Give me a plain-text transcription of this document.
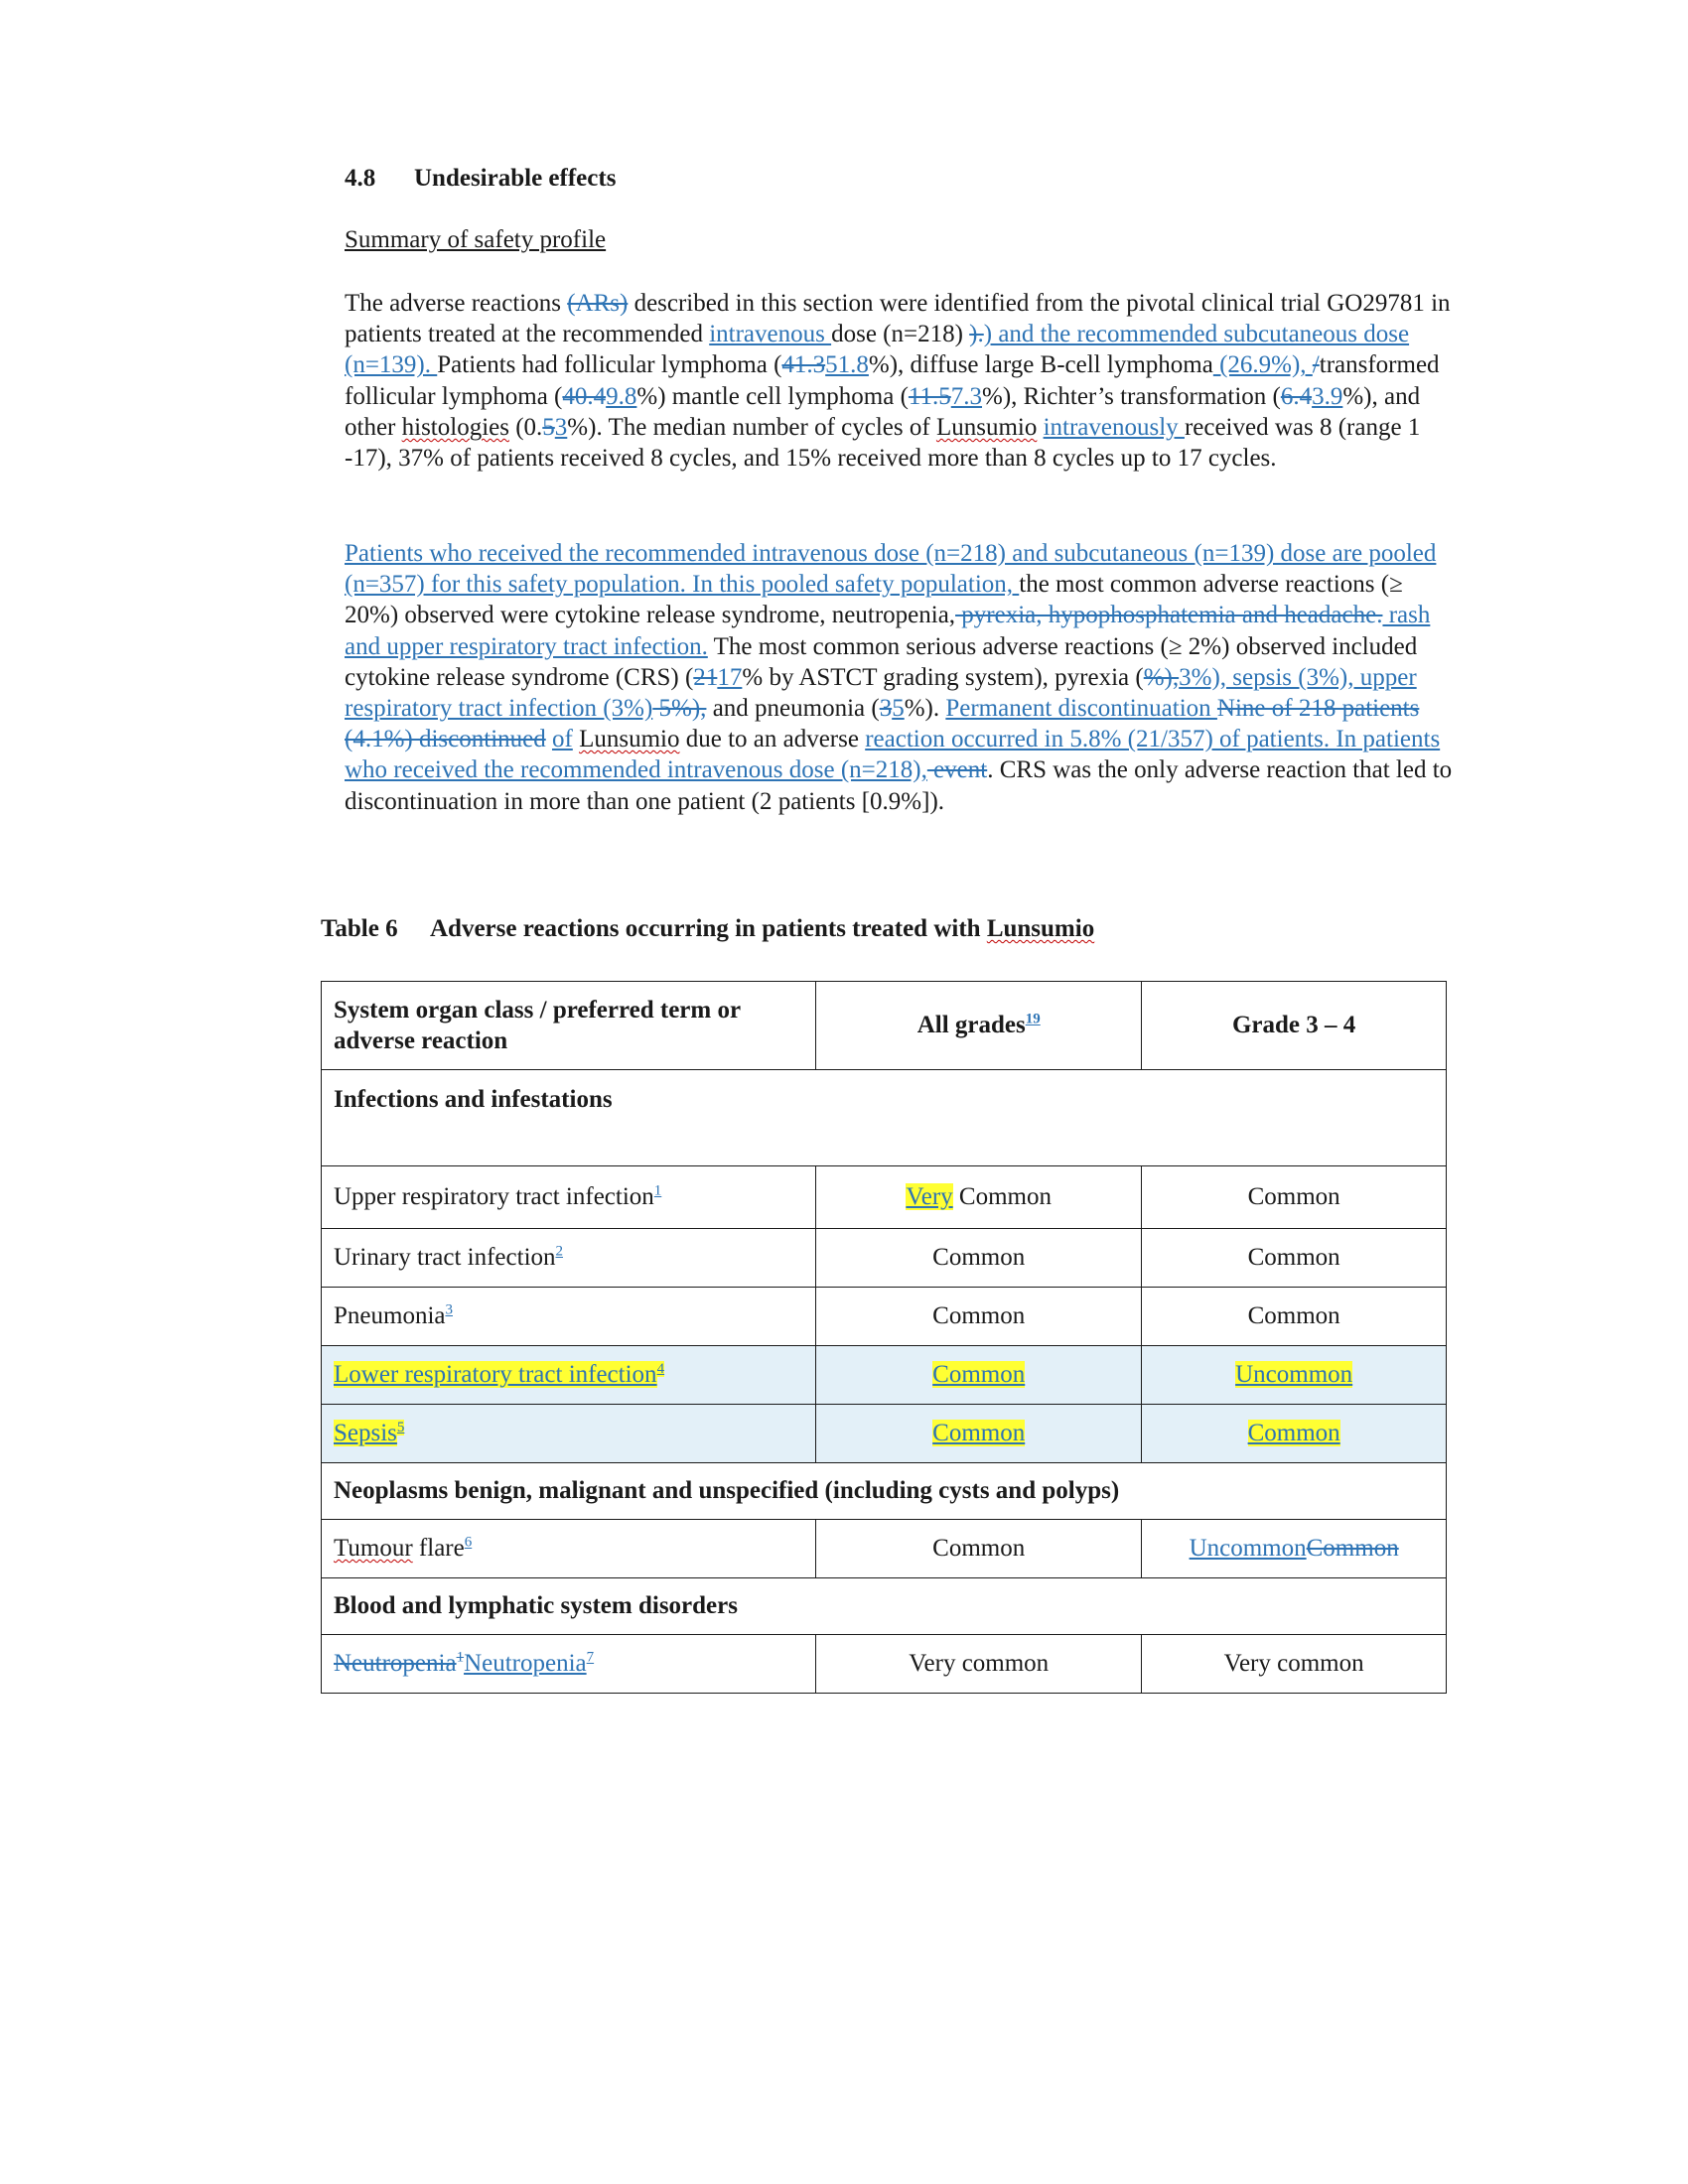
4.8 Undesirable effects
Summary of safety profile

The adverse reactions (ARs) described in this section were identified from the pivotal clinical trial GO29781 in patients treated at the recommended intravenous dose (n=218) ).) and the recommended subcutaneous dose (n=139). Patients had follicular lymphoma (41.351.8%), diffuse large B-cell lymphoma (26.9%), /transformed follicular lymphoma (40.49.8%) mantle cell lymphoma (11.57.3%), Richter’s transformation (6.43.9%), and other histologies (0.53%). The median number of cycles of Lunsumio intravenously received was 8 (range 1 -17), 37% of patients received 8 cycles, and 15% received more than 8 cycles up to 17 cycles.

Patients who received the recommended intravenous dose (n=218) and subcutaneous (n=139) dose are pooled (n=357) for this safety population. In this pooled safety population, the most common adverse reactions (≥ 20%) observed were cytokine release syndrome, neutropenia, pyrexia, hypophosphatemia and headache. rash and upper respiratory tract infection. The most common serious adverse reactions (≥ 2%) observed included cytokine release syndrome (CRS) (2117% by ASTCT grading system), pyrexia (%),3%), sepsis (3%), upper respiratory tract infection (3%) 5%), and pneumonia (35%). Permanent discontinuation Nine of 218 patients (4.1%) discontinued of Lunsumio due to an adverse reaction occurred in 5.8% (21/357) of patients. In patients who received the recommended intravenous dose (n=218), event. CRS was the only adverse reaction that led to discontinuation in more than one patient (2 patients [0.9%]).

Table 6 Adverse reactions occurring in patients treated with Lunsumio
System organ class / preferred term or adverse reaction	All grades$^{19}$	Grade 3 – 4
Infections and infestations		
Upper respiratory tract infection$^1$	Very Common	Common
Urinary tract infection$^2$	Common	Common
Pneumonia$^3$	Common	Common
Lower respiratory tract infection$^4$	Common	Uncommon
Sepsis$^5$	Common	Common
Neoplasms benign, malignant and unspecified (including cysts and polyps)		
Tumour flare$^6$	Common	UncommonCommon
Blood and lymphatic system disorders		
Neutropenia$^1$Neutropenia$^7$	Very common	Very common
